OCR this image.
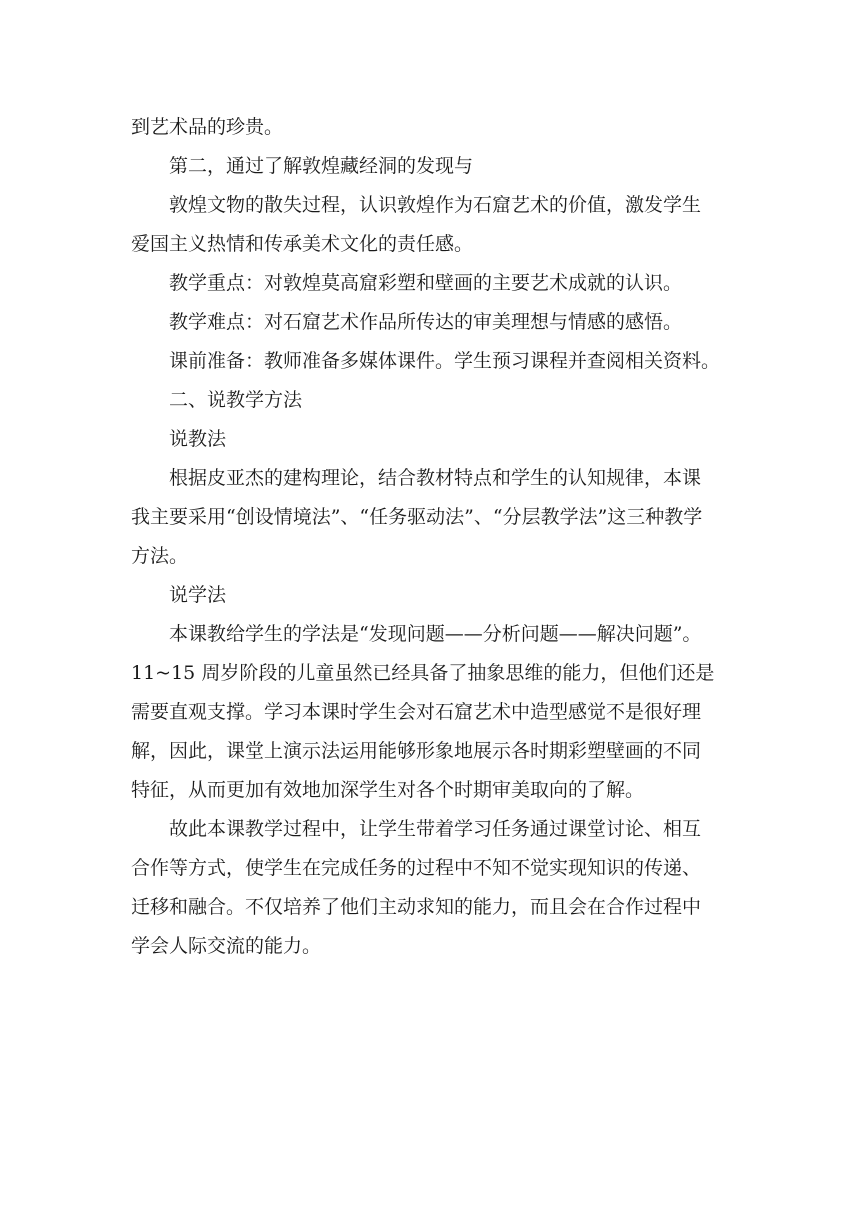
到艺术品的珍贵。
第二，通过了解敦煌藏经洞的发现与
敦煌文物的散失过程，认识敦煌作为石窟艺术的价值，激发学生
爱国主义热情和传承美术文化的责任感。
教学重点：对敦煌莫高窟彩塑和壁画的主要艺术成就的认识。
教学难点：对石窟艺术作品所传达的审美理想与情感的感悟。
课前准备：教师准备多媒体课件。学生预习课程并查阅相关资料。
二、说教学方法
说教法
根据皮亚杰的建构理论，结合教材特点和学生的认知规律，本课
我主要采用“创设情境法”、“任务驱动法”、“分层教学法”这三种教学
方法。
说学法
本课教给学生的学法是“发现问题——分析问题——解决问题”。
11~15 周岁阶段的儿童虽然已经具备了抽象思维的能力，但他们还是
需要直观支撑。学习本课时学生会对石窟艺术中造型感觉不是很好理
解，因此，课堂上演示法运用能够形象地展示各时期彩塑壁画的不同
特征，从而更加有效地加深学生对各个时期审美取向的了解。
故此本课教学过程中，让学生带着学习任务通过课堂讨论、相互
合作等方式，使学生在完成任务的过程中不知不觉实现知识的传递、
迁移和融合。不仅培养了他们主动求知的能力，而且会在合作过程中
学会人际交流的能力。
